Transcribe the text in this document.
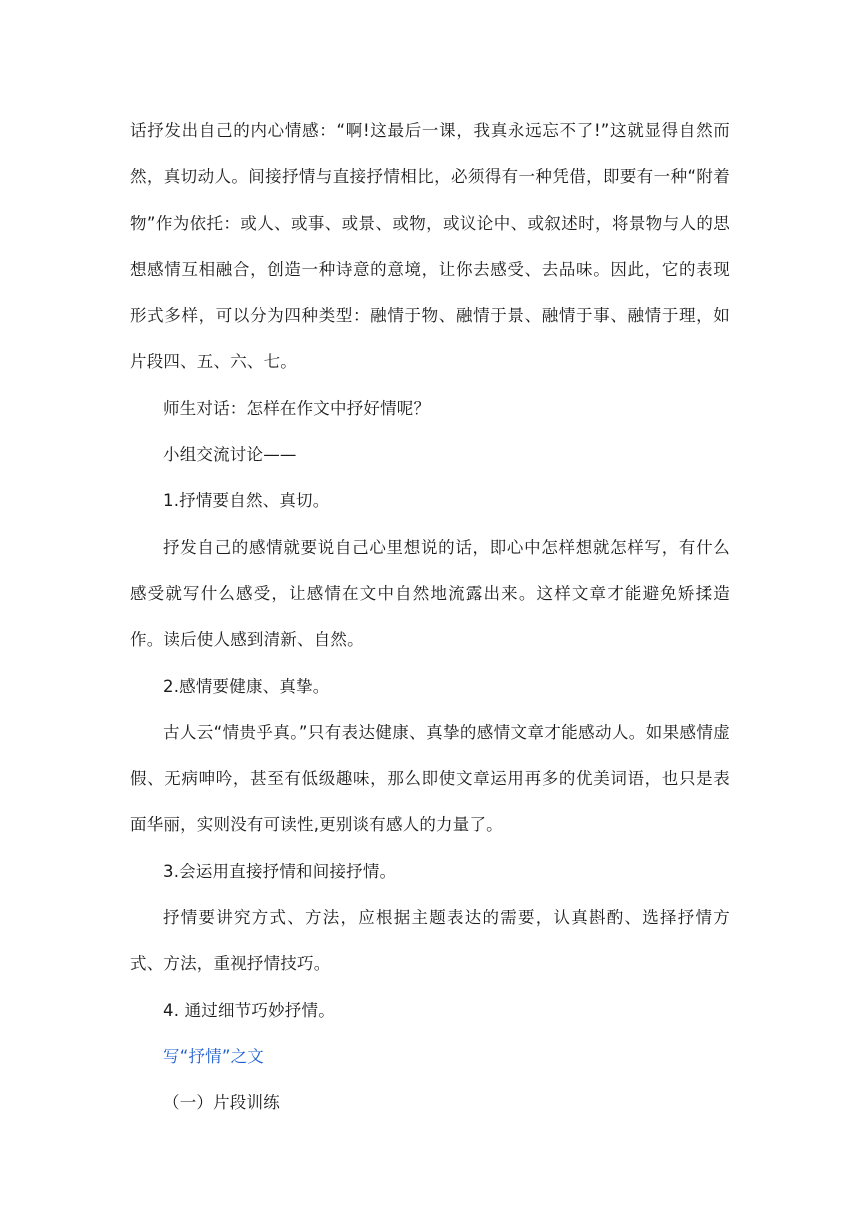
话抒发出自己的内心情感：“啊!这最后一课，我真永远忘不了!”这就显得自然而然，真切动人。间接抒情与直接抒情相比，必须得有一种凭借，即要有一种“附着物”作为依托：或人、或事、或景、或物，或议论中、或叙述时，将景物与人的思想感情互相融合，创造一种诗意的意境，让你去感受、去品味。因此，它的表现形式多样，可以分为四种类型：融情于物、融情于景、融情于事、融情于理，如片段四、五、六、七。

师生对话：怎样在作文中抒好情呢？

小组交流讨论——

1.抒情要自然、真切。

抒发自己的感情就要说自己心里想说的话，即心中怎样想就怎样写，有什么感受就写什么感受，让感情在文中自然地流露出来。这样文章才能避免矫揉造作。读后使人感到清新、自然。

2.感情要健康、真挚。

古人云“情贵乎真。”只有表达健康、真挚的感情文章才能感动人。如果感情虚假、无病呻吟，甚至有低级趣味，那么即使文章运用再多的优美词语，也只是表面华丽，实则没有可读性,更别谈有感人的力量了。

3.会运用直接抒情和间接抒情。

抒情要讲究方式、方法，应根据主题表达的需要，认真斟酌、选择抒情方式、方法，重视抒情技巧。

4. 通过细节巧妙抒情。

写“抒情”之文

（一）片段训练
